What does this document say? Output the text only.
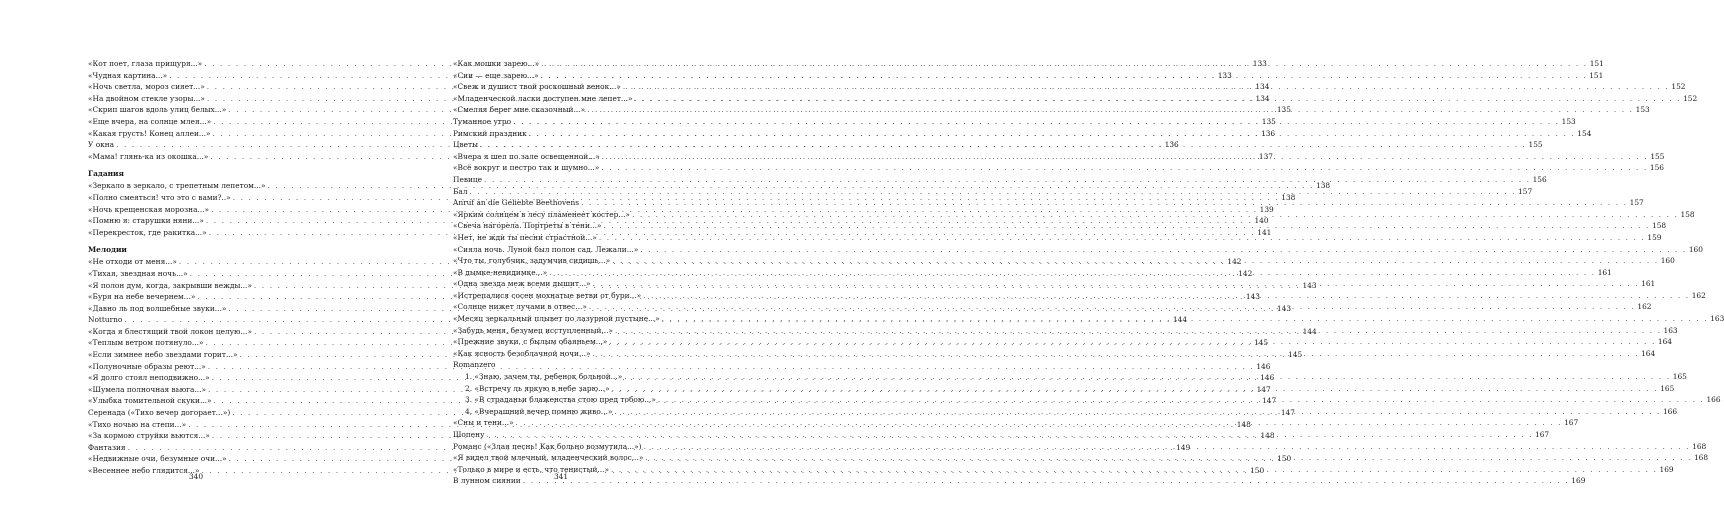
«Кот поет, глаза прищуря...» . . .	133
«Чудная картина...» . . .	133
«Ночь светла, мороз сияет...» . . .	134
«На двойном стекле узоры...» . . .	134
«Скрип шагов вдоль улиц белых...» . . .	135
«Еще вчера, на солнце млея...» . . .	135
«Какая грусть! Конец аллеи...» . . .	136
У окна . . .	136
«Мама! глянь-ка из окошка...» . . .	137
Гадания
«Зеркало в зеркало, с трепетным лепетом...» . . .	138
«Полно смеяться! что это с вами?..» . . .	138
«Ночь крещенская морозна...» . . .	139
«Помню я: старушки няни...» . . .	140
«Перекресток, где ракитка...» . . .	141
Мелодии
«Не отходи от меня...» . . .	142
«Тихая, звездная ночь...» . . .	142
«Я полон дум, когда, закрывши вежды...» . . .	143
«Буря на небе вечернем...» . . .	143
«Давно ль под волшебные звуки...» . . .	143
Notturno . . .	144
«Когда я блестящий твой локон целую...» . . .	144
«Теплым ветром потянуло...» . . .	145
«Если зимнее небо звездами горит...» . . .	145
«Полуночные образы реют...» . . .	146
«Я долго стоял неподвижно...» . . .	146
«Шумела полночная вьюга...» . . .	147
«Улыбка томительной скуки...» . . .	147
Серенада («Тихо вечер догорает...») . . .	147
«Тихо ночью на степи...» . . .	148
«За кормою струйки вьются...» . . .	148
Фантазия . . .	149
«Недвижные очи, безумные очи...» . . .	150
«Весеннее небо глядится...» . . .	150
340
«Как мошки зарею...» . . .	151
«Сии — еще зарею...» . . .	151
«Свеж и душист твой роскошный венок...» . . .	152
«Младенческой ласки доступен мне лепет...» . . .	152
«Смеляя берег мне сказочный...» . . .	153
Туманное утро . . .	153
Римский праздник . . .	154
Цветы . . .	155
«Вчера я шел по зале освещенной...» . . .	155
«Всё вокруг и пестро так и шумно...» . . .	156
Певице . . .	156
Бал . . .	157
Anruf an die Geliebte Beethovens . . .	157
«Ярким солнцем в лесу пламенеет костер...» . . .	158
«Свеча нагорела. Портреты в тени...» . . .	158
«Нет, не жди ты песни страстной...» . . .	159
«Сияла ночь. Луной был полон сад. Лежали...» . . .	160
«Что ты, голубчик, задумчив сидишь...» . . .	160
«В дымке-невидимке...» . . .	161
«Одна звезда меж всеми дышит...» . . .	161
«Истрепалися сосен мохнатые ветви от бури...» . . .	162
«Солнце нижет лучами в отвес...» . . .	162
«Месяц зеркальный плывет по лазурной пустыне...» . . .	163
«Забудь меня, безумец исступленный...» . . .	163
«Прежние звуки, с былым обаяньем...» . . .	164
«Как ясность безоблачной ночи...» . . .	164
Romanzero
1. «Знаю, зачем ты, ребенок больной...» . . .	165
2. «Встречу ль яркую в небе зарю...» . . .	165
3. «В страданьи блаженства стою пред тобою...» . . .	166
4. «Вчерашний вечер помню живо...» . . .	166
«Сны и тени...» . . .	167
Шопену . . .	167
Романс («Злая песнь! Как больно возмутила...») . . .	168
«Я видел твой млечный, младенческий волос...» . . .	168
«Только в мире и есть, что тенистый...» . . .	169
В лунном сиянии . . .	169
341
